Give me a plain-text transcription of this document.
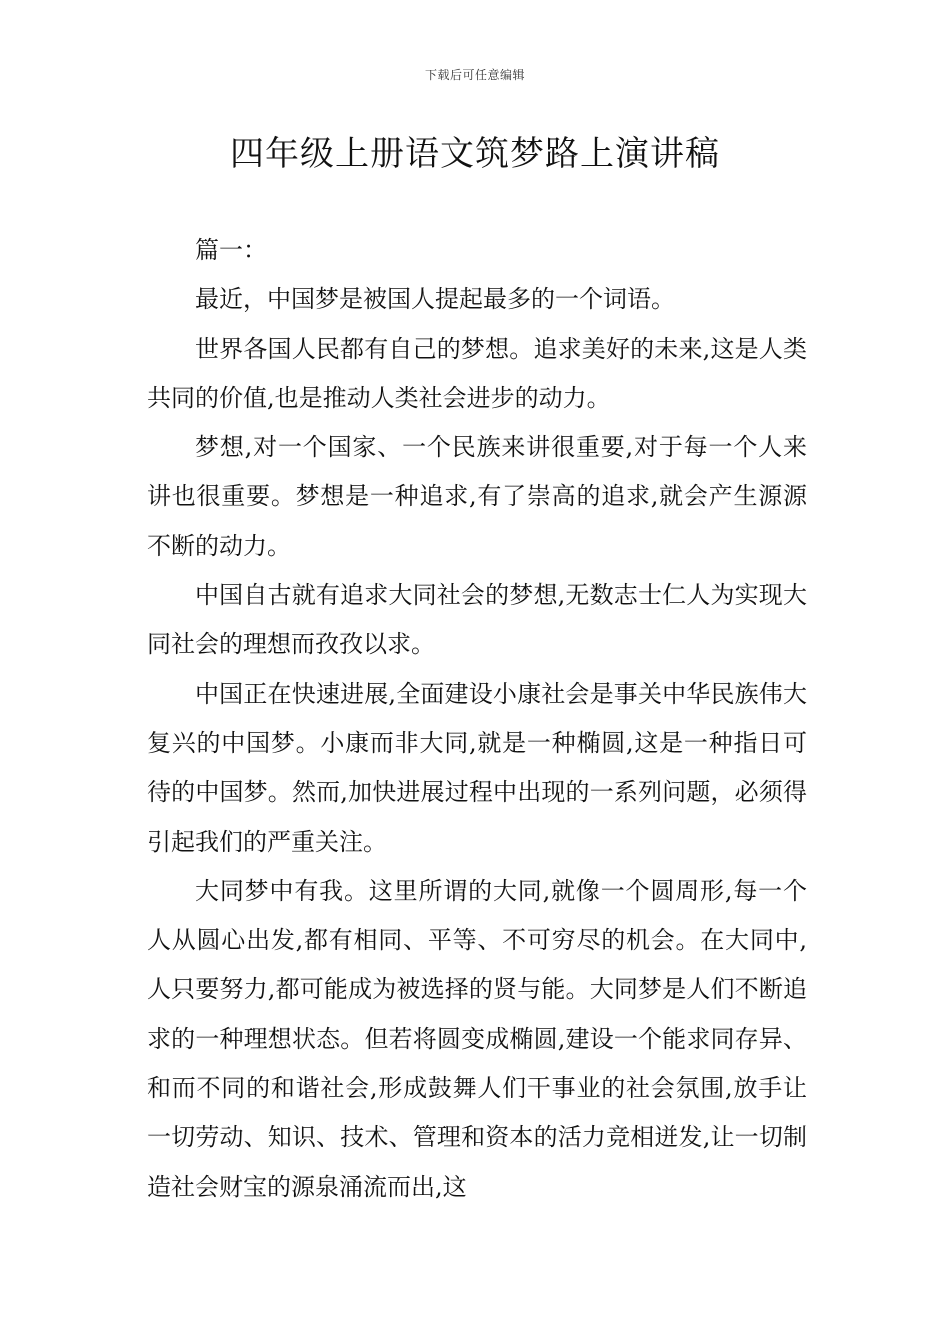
下载后可任意编辑
四年级上册语文筑梦路上演讲稿

篇一：

最近，中国梦是被国人提起最多的一个词语。

世界各国人民都有自己的梦想。追求美好的未来,这是人类共同的价值,也是推动人类社会进步的动力。

梦想,对一个国家、一个民族来讲很重要,对于每一个人来讲也很重要。梦想是一种追求,有了崇高的追求,就会产生源源不断的动力。

中国自古就有追求大同社会的梦想,无数志士仁人为实现大同社会的理想而孜孜以求。

中国正在快速进展,全面建设小康社会是事关中华民族伟大复兴的中国梦。小康而非大同,就是一种椭圆,这是一种指日可待的中国梦。然而,加快进展过程中出现的一系列问题，必须得引起我们的严重关注。

大同梦中有我。这里所谓的大同,就像一个圆周形,每一个人从圆心出发,都有相同、平等、不可穷尽的机会。在大同中,人只要努力,都可能成为被选择的贤与能。大同梦是人们不断追求的一种理想状态。但若将圆变成椭圆,建设一个能求同存异、和而不同的和谐社会,形成鼓舞人们干事业的社会氛围,放手让一切劳动、知识、技术、管理和资本的活力竞相迸发,让一切制造社会财宝的源泉涌流而出,这
